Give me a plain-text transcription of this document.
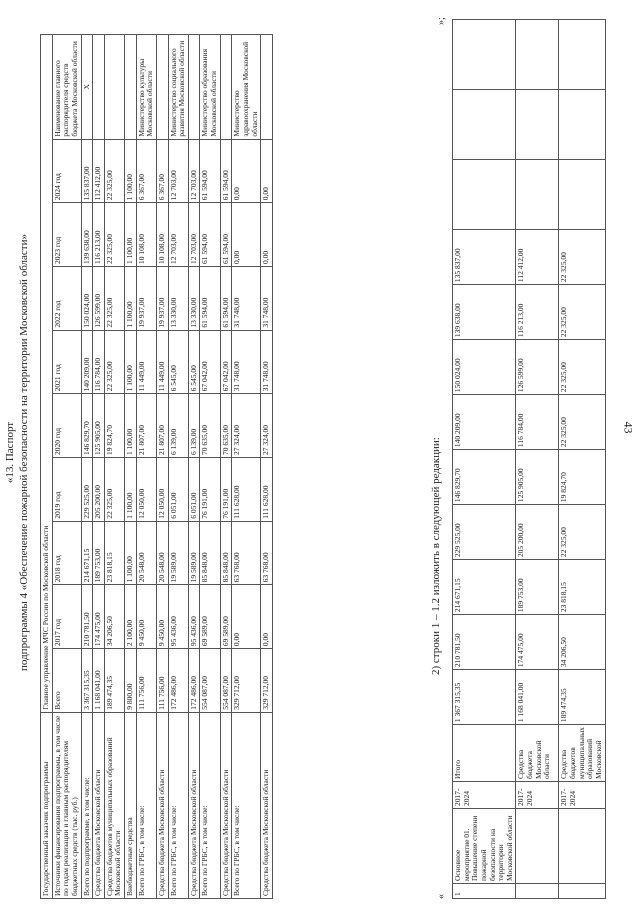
43
«13. Паспорт подпрограммы 4 «Обеспечение пожарной безопасности на территории Московской области»
Государственный заказчик подпрограммы	Главное управление МЧС России по Московской области									
Источники финансирования подпрограммы, в том числе по годам реализации и главным распорядителям бюджетных средств (тыс. руб.)	Всего	2017 год	2018 год	2019 год	2020 год	2021 год	2022 год	2023 год	2024 год	Наименование главного распорядителя средств бюджета Московской области
Всего по подпрограмме, в том числе:	3 367 315,35	210 781,50	214 671,15	229 525,00	146 829,70	140 209,00	150 024,00	139 638,00	135 837,00	X
Средства бюджета Московской области	1 168 041,00	174 475,00	189 753,00	205 200,00	125 905,00	116 784,00	126 599,00	116 213,00	112 412,00	
Средства бюджетов муниципальных образований Московской области	189 474,35	34 206,50	23 818,15	22 325,00	19 824,70	22 325,00	22 325,00	22 325,00	22 325,00	
Внебюджетные средства	9 800,00	2 100,00	1 100,00	1 100,00	1 100,00	1 100,00	1 100,00	1 100,00	1 100,00	
Всего по ГРБС, в том числе:	111 756,00	9 450,00	20 548,00	12 050,00	21 807,00	11 449,00	19 937,00	10 108,00	6 367,00	Министерство культуры Московской области
Средства бюджета Московской области	111 756,00	9 450,00	20 548,00	12 050,00	21 807,00	11 449,00	19 937,00	10 108,00	6 367,00	
Всего по ГРБС, в том числе:	172 486,00	95 436,00	19 589,00	6 051,00	6 139,00	6 545,00	13 330,00	12 703,00	12 703,00	Министерство социального развития Московской области
Средства бюджета Московской области	172 486,00	95 436,00	19 589,00	6 051,00	6 139,00	6 545,00	13 330,00	12 703,00	12 703,00	
Всего по ГРБС, в том числе:	554 087,00	69 589,00	85 848,00	76 191,00	70 635,00	67 042,00	61 594,00	61 594,00	61 594,00	Министерство образования Московской области
Средства бюджета Московской области	554 087,00	69 589,00	85 848,00	76 191,00	70 635,00	67 042,00	61 594,00	61 594,00	61 594,00	
Всего по ГРБС, в том числе:	329 712,00	0,00	63 768,00	111 628,00	27 324,00	31 748,00	31 748,00	0,00	0,00	Министерство здравоохранения Московской области
Средства бюджета Московской области	329 712,00	0,00	63 768,00	111 628,00	27 324,00	31 748,00	31 748,00	0,00	0,00	
«
2) строки 1 – 1.2 изложить в следующей редакции:
»;
1	Основное мероприятие 01. Повышение степени пожарной безопасности на территории Московской области	2017-2024	Итого	1 367 315,35	210 781,50	214 671,15	229 525,00	146 829,70	140 209,00	150 024,00	139 638,00	135 837,00			
		2017-2024	Средства бюджета Московской области	1 168 041,00	174 475,00	189 753,00	205 200,00	125 905,00	116 784,00	126 599,00	116 213,00	112 412,00			
		2017-2024	Средства бюджетов муниципальных образований Московской	189 474,35	34 206,50	23 818,15	22 325,00	19 824,70	22 325,00	22 325,00	22 325,00	22 325,00			
